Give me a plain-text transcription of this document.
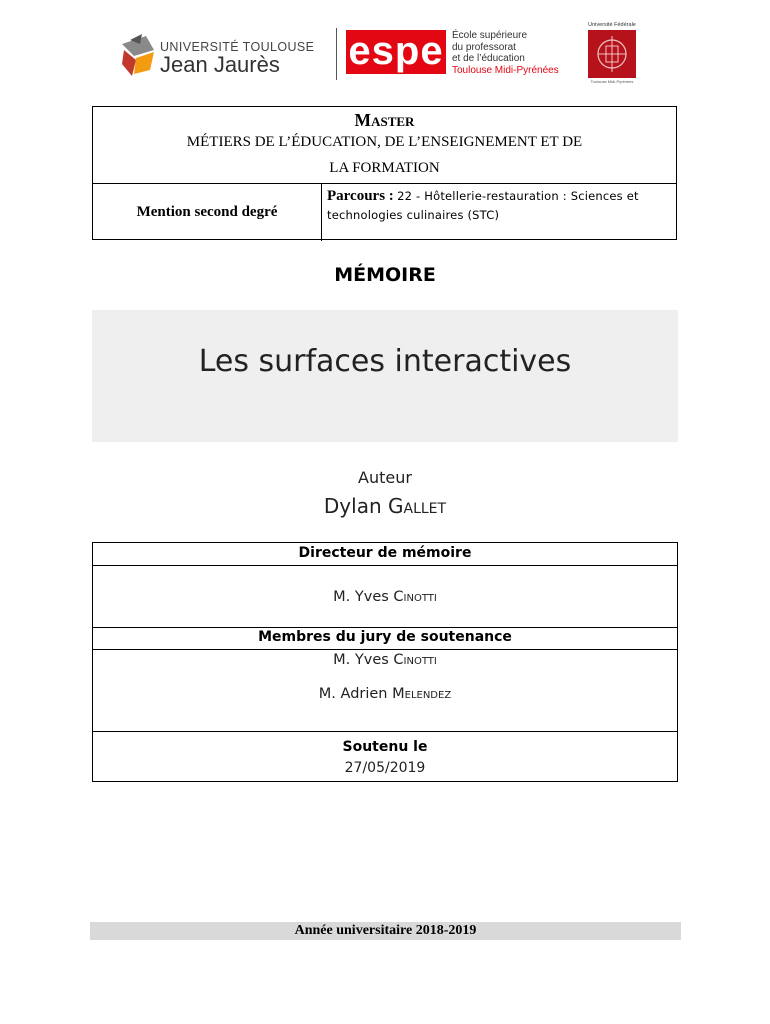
UNIVERSITÉ TOULOUSE
Jean Jaurès espe École supérieure
du professorat
et de l’éducation
Toulouse Midi-Pyrénées
Université Fédérale
Toulouse Midi-Pyrénées
MASTER
MÉTIERS DE L’ÉDUCATION, DE L’ENSEIGNEMENT ET DE
LA FORMATION
Mention second degré
Parcours : 22 - Hôtellerie-restauration : Sciences et technologies culinaires (STC)
MÉMOIRE
Les surfaces interactives
Auteur
Dylan Gallet
Directeur de mémoire
M. Yves Cinotti
Membres du jury de soutenance
M. Yves Cinotti
M. Adrien Melendez
Soutenu le
27/05/2019
Année universitaire 2018-2019
